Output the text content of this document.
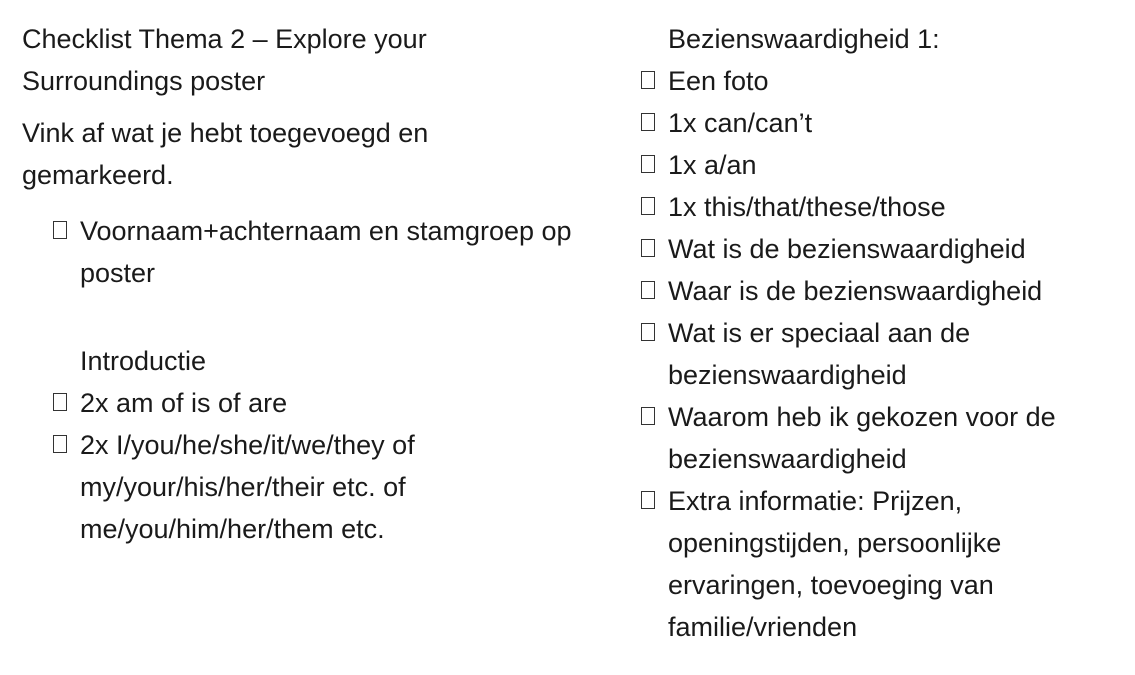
Checklist Thema 2 – Explore your Surroundings poster

Vink af wat je hebt toegevoegd en gemarkeerd.

Voornaam+achternaam en stamgroep op poster
Introductie
2x am of is of are
2x I/you/he/she/it/we/they of my/your/his/her/their etc. of me/you/him/her/them etc.
Bezienswaardigheid 1:
Een foto
1x can/can’t
1x a/an
1x this/that/these/those
Wat is de bezienswaardigheid
Waar is de bezienswaardigheid
Wat is er speciaal aan de bezienswaardigheid
Waarom heb ik gekozen voor de bezienswaardigheid
Extra informatie: Prijzen, openingstijden, persoonlijke ervaringen, toevoeging van familie/vrienden
